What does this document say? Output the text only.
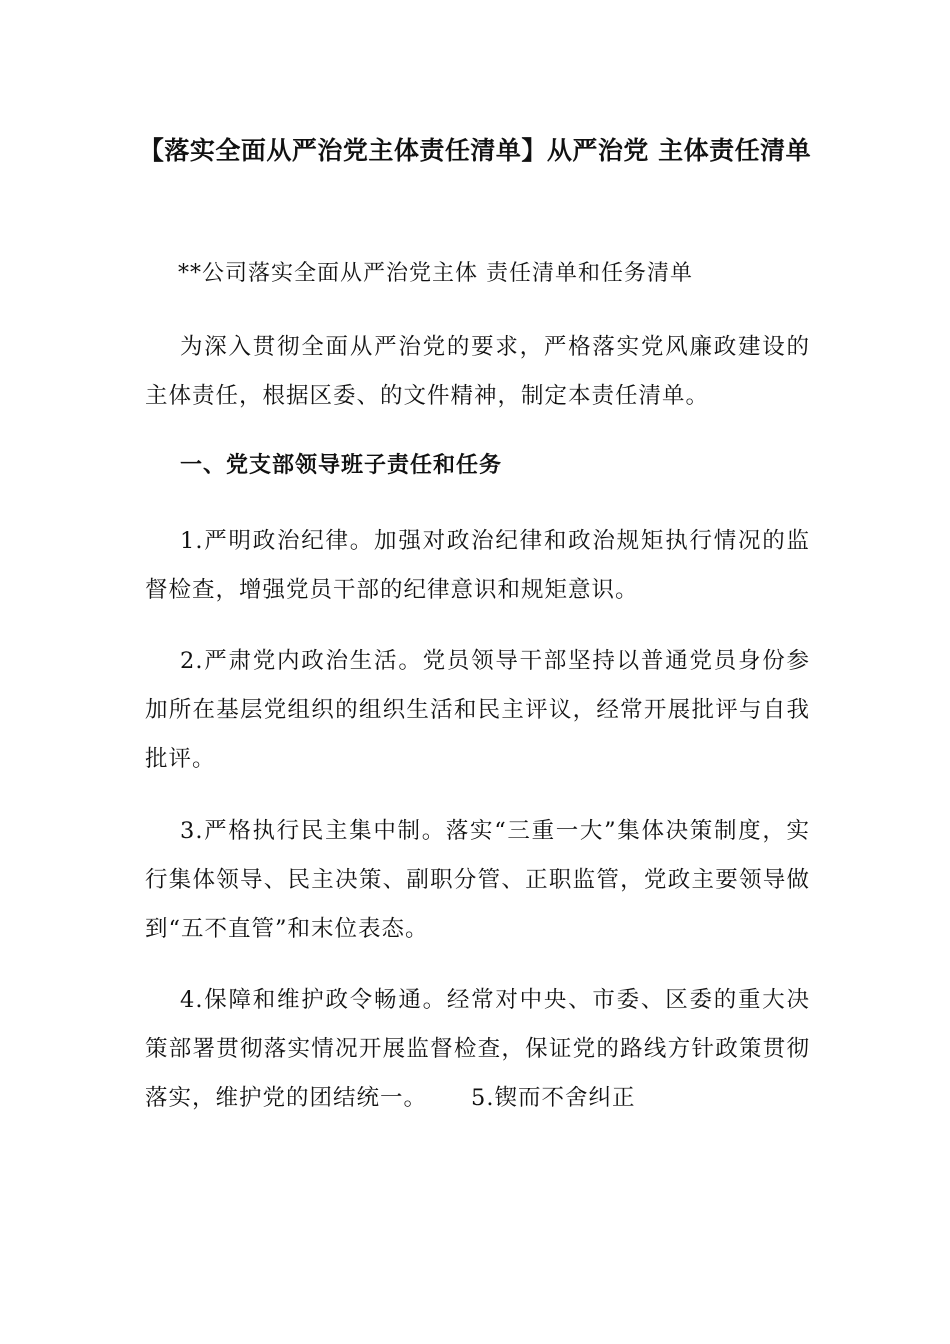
【落实全面从严治党主体责任清单】从严治党 主体责任清单

**公司落实全面从严治党主体 责任清单和任务清单

为深入贯彻全面从严治党的要求，严格落实党风廉政建设的主体责任，根据区委、的文件精神，制定本责任清单。

一、党支部领导班子责任和任务

1.严明政治纪律。加强对政治纪律和政治规矩执行情况的监督检查，增强党员干部的纪律意识和规矩意识。

2.严肃党内政治生活。党员领导干部坚持以普通党员身份参加所在基层党组织的组织生活和民主评议，经常开展批评与自我批评。

3.严格执行民主集中制。落实“三重一大”集体决策制度，实行集体领导、民主决策、副职分管、正职监管，党政主要领导做到“五不直管”和末位表态。

4.保障和维护政令畅通。经常对中央、市委、区委的重大决策部署贯彻落实情况开展监督检查，保证党的路线方针政策贯彻落实，维护党的团结统一。 5.锲而不舍纠正
